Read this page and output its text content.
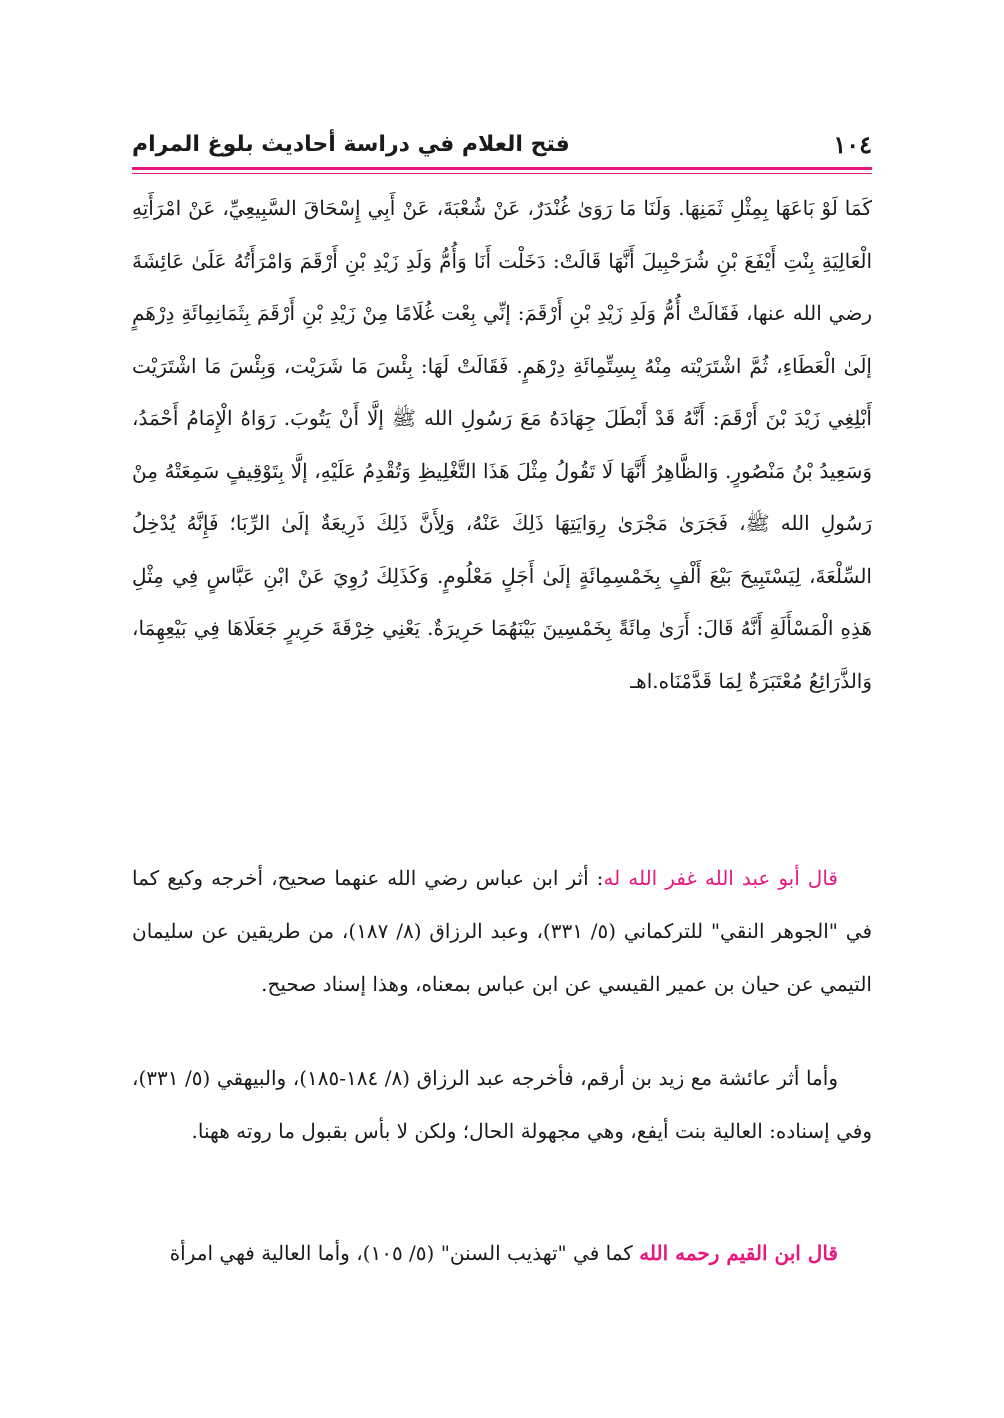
١٠٤
فتح العلام في دراسة أحاديث بلوغ المرام
كَمَا لَوْ بَاعَهَا بِمِثْلِ ثَمَنِهَا. وَلَنَا مَا رَوَىٰ غُنْدَرٌ، عَنْ شُعْبَةَ، عَنْ أَبِي إِسْحَاقَ السَّبِيعِيِّ، عَنْ امْرَأَتِهِ الْعَالِيَةِ بِنْتِ أَيْفَعَ بْنِ شُرَحْبِيلَ أَنَّهَا قَالَتْ: دَخَلْت أَنَا وَأُمُّ وَلَدِ زَيْدِ بْنِ أَرْقَمَ وَامْرَأَتُهُ عَلَىٰ عَائِشَةَ رضي الله عنها، فَقَالَتْ أُمُّ وَلَدِ زَيْدِ بْنِ أَرْقَمَ: إنِّي بِعْت غُلَامًا مِنْ زَيْدِ بْنِ أَرْقَمَ بِثَمَانِمِائَةِ دِرْهَمٍ إلَىٰ الْعَطَاءِ، ثُمَّ اشْتَرَيْته مِنْهُ بِسِتِّمِائَةِ دِرْهَمٍ. فَقَالَتْ لَهَا: بِئْسَ مَا شَرَيْت، وَبِئْسَ مَا اشْتَرَيْت أَبْلِغِي زَيْدَ بْنَ أَرْقَمَ: أَنَّهُ قَدْ أَبْطَلَ جِهَادَهُ مَعَ رَسُولِ الله ﷺ إلَّا أَنْ يَتُوبَ. رَوَاهُ الْإِمَامُ أَحْمَدُ، وَسَعِيدُ بْنُ مَنْصُورٍ. وَالظَّاهِرُ أَنَّهَا لَا تَقُولُ مِثْلَ هَذَا التَّغْلِيظِ وَتُقْدِمُ عَلَيْهِ، إلَّا بِتَوْقِيفٍ سَمِعَتْهُ مِنْ رَسُولِ الله ﷺ، فَجَرَىٰ مَجْرَىٰ رِوَايَتِهَا ذَلِكَ عَنْهُ، وَلِأَنَّ ذَلِكَ ذَرِيعَةٌ إلَىٰ الرِّبَا؛ فَإِنَّهُ يُدْخِلُ السِّلْعَةَ، لِيَسْتَبِيحَ بَيْعَ أَلْفٍ بِخَمْسِمِائَةٍ إلَىٰ أَجَلٍ مَعْلُومٍ. وَكَذَلِكَ رُوِيَ عَنْ ابْنِ عَبَّاسٍ فِي مِثْلِ هَذِهِ الْمَسْأَلَةِ أَنَّهُ قَالَ: أَرَىٰ مِائَةً بِخَمْسِينَ بَيْنَهُمَا حَرِيرَةٌ. يَعْنِي خِرْقَةَ حَرِيرٍ جَعَلَاهَا فِي بَيْعِهِمَا، وَالذَّرَائِعُ مُعْتَبَرَةٌ لِمَا قَدَّمْنَاه.اهـ
قال أبو عبد الله غفر الله له: أثر ابن عباس رضي الله عنهما صحيح، أخرجه وكيع كما في "الجوهر النقي" للتركماني (٥/ ٣٣١)، وعبد الرزاق (٨/ ١٨٧)، من طريقين عن سليمان التيمي عن حيان بن عمير القيسي عن ابن عباس بمعناه، وهذا إسناد صحيح.
وأما أثر عائشة مع زيد بن أرقم، فأخرجه عبد الرزاق (٨/ ١٨٤-١٨٥)، والبيهقي (٥/ ٣٣١)، وفي إسناده: العالية بنت أيفع، وهي مجهولة الحال؛ ولكن لا بأس بقبول ما روته ههنا.
قال ابن القيم رحمه الله كما في "تهذيب السنن" (٥/ ١٠٥)، وأما العالية فهي امرأة
